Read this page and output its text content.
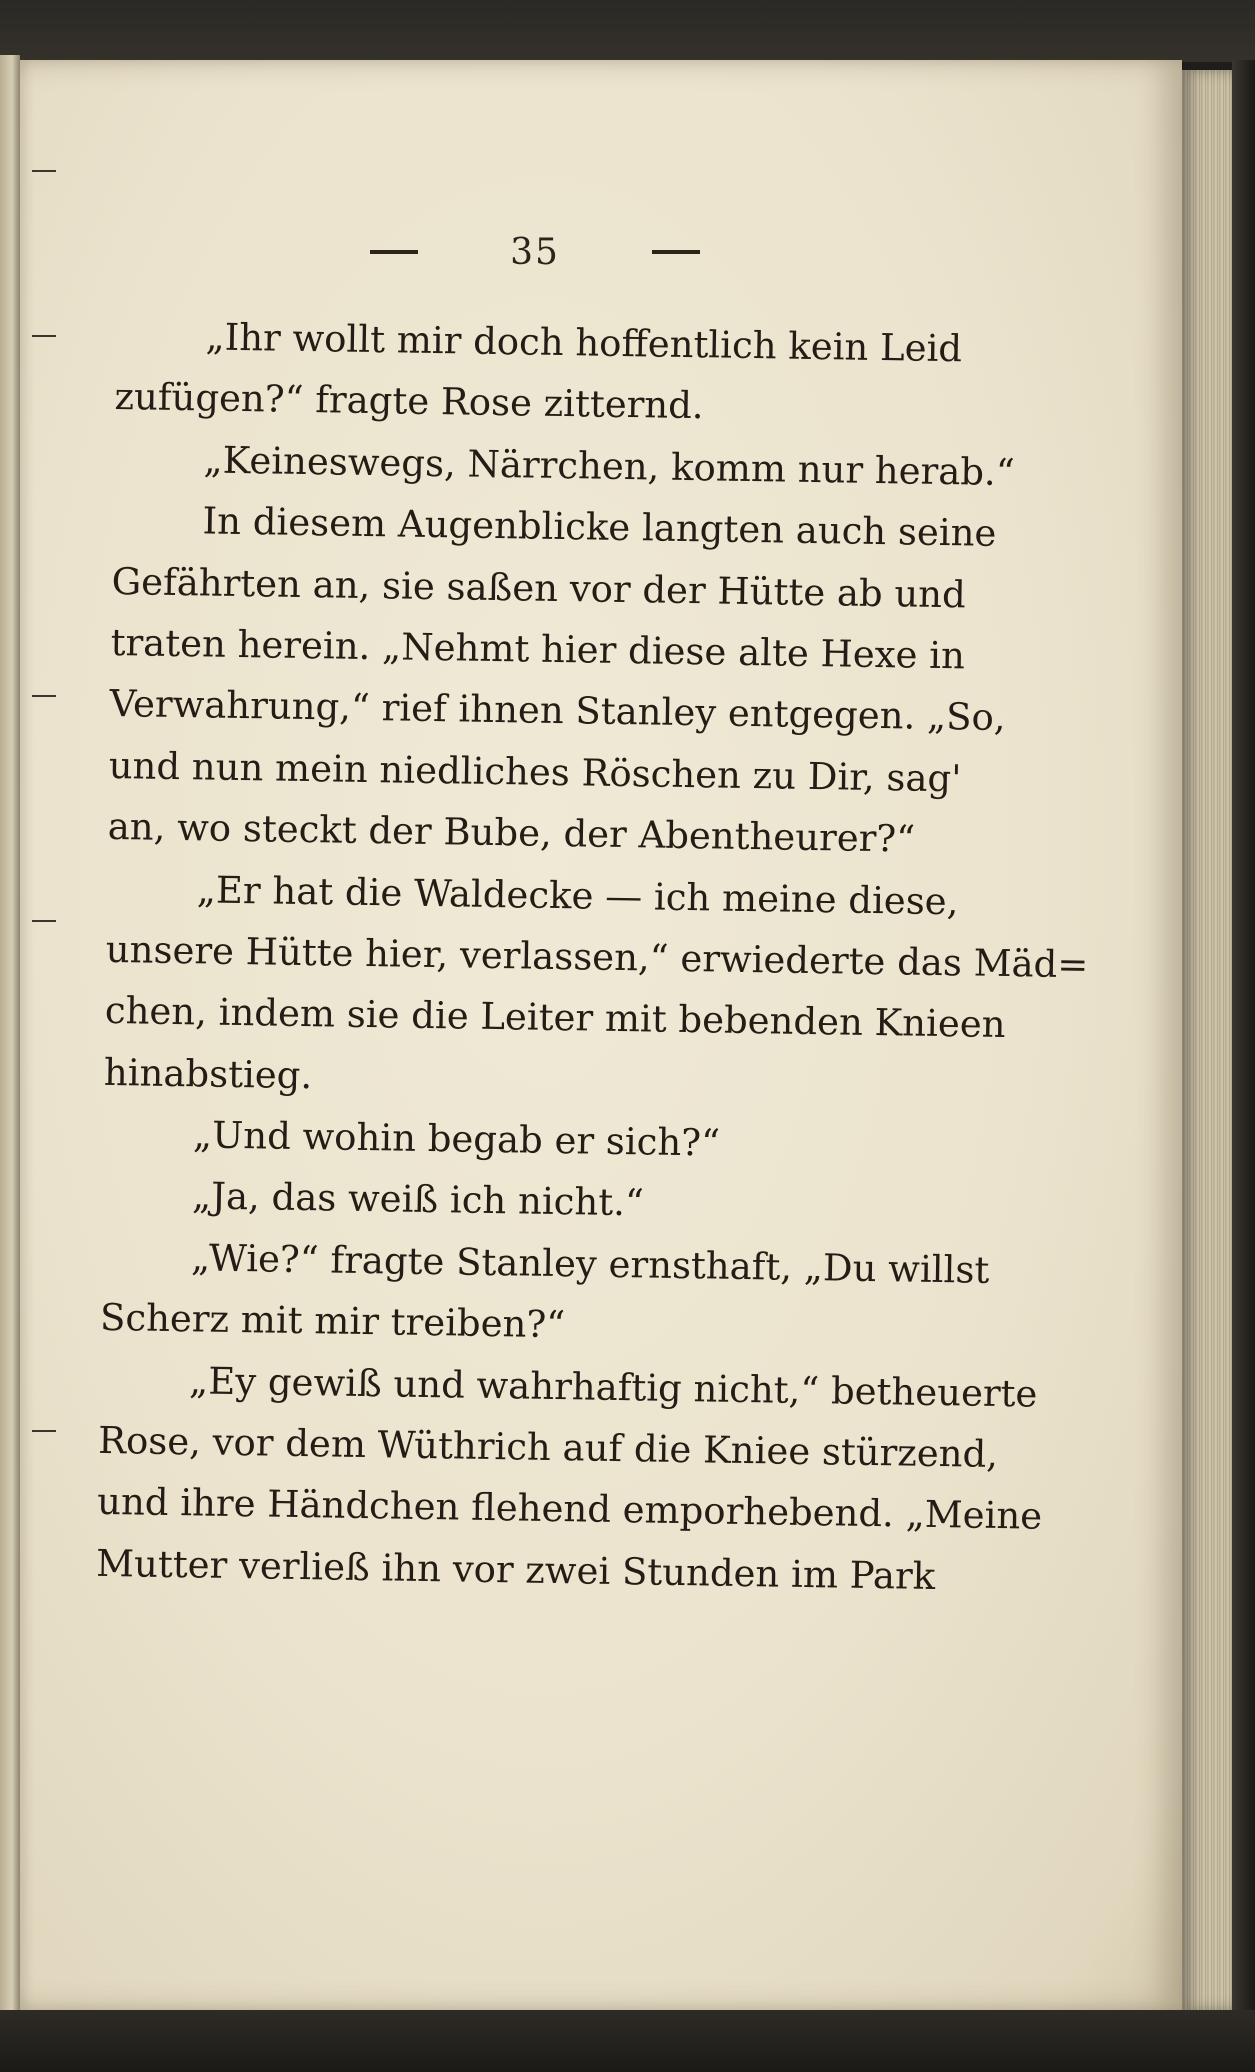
35
„Ihr wollt mir doch hoffentlich kein Leid
zufügen?“ fragte Rose zitternd.
„Keineswegs, Närrchen, komm nur herab.“
In diesem Augenblicke langten auch seine
Gefährten an, sie saßen vor der Hütte ab und
traten herein. „Nehmt hier diese alte Hexe in
Verwahrung,“ rief ihnen Stanley entgegen. „So,
und nun mein niedliches Röschen zu Dir, sag'
an, wo steckt der Bube, der Abentheurer?“
„Er hat die Waldecke — ich meine diese,
unsere Hütte hier, verlassen,“ erwiederte das Mäd=
chen, indem sie die Leiter mit bebenden Knieen
hinabstieg.
„Und wohin begab er sich?“
„Ja, das weiß ich nicht.“
„Wie?“ fragte Stanley ernsthaft, „Du willst
Scherz mit mir treiben?“
„Ey gewiß und wahrhaftig nicht,“ betheuerte
Rose, vor dem Wüthrich auf die Kniee stürzend,
und ihre Händchen flehend emporhebend. „Meine
Mutter verließ ihn vor zwei Stunden im Park
